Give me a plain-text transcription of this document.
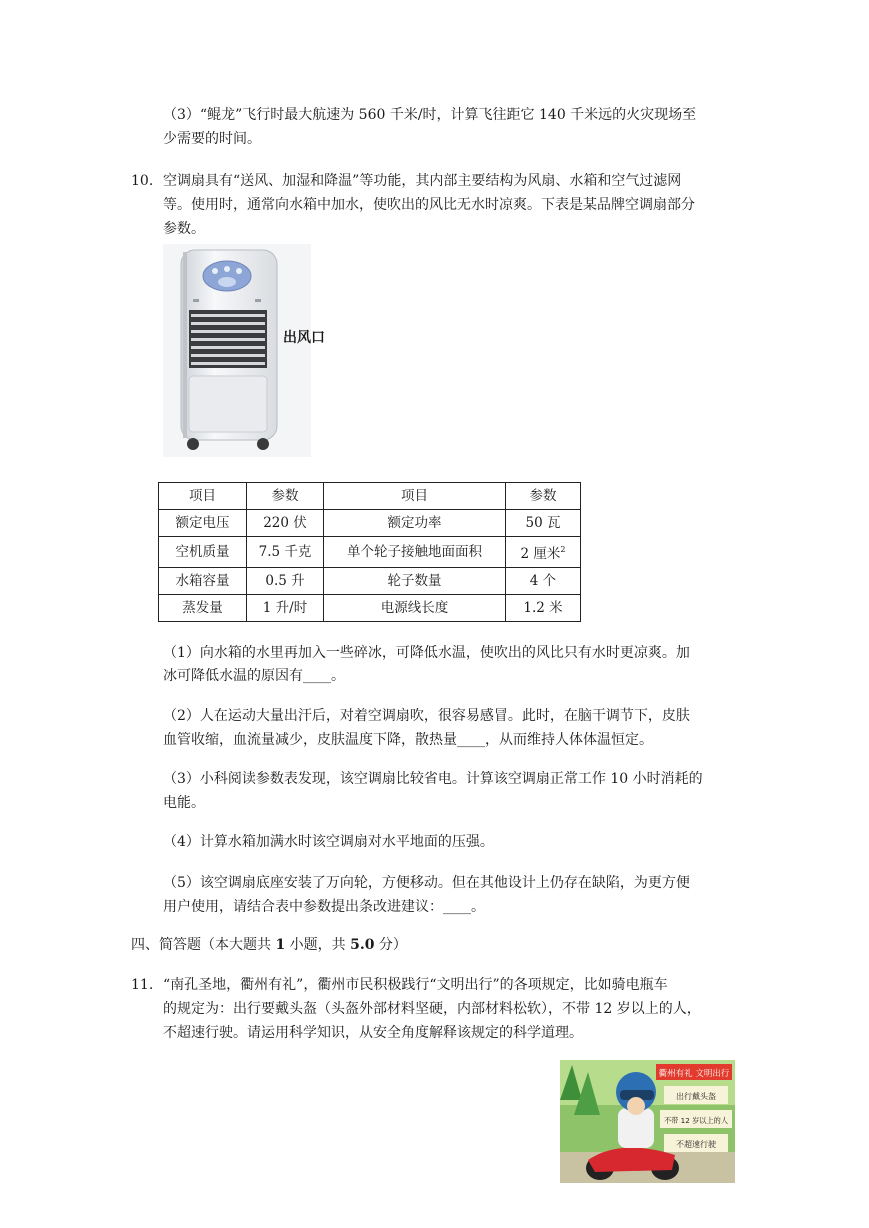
（3）“鲲龙”飞行时最大航速为 560 千米/时，计算飞往距它 140 千米远的火灾现场至
少需要的时间。
10. 空调扇具有“送风、加湿和降温”等功能，其内部主要结构为风扇、水箱和空气过滤网
等。使用时，通常向水箱中加水，使吹出的风比无水时凉爽。下表是某品牌空调扇部分
参数。
出风口
项目	参数	项目	参数
额定电压	220 伏	额定功率	50 瓦
空机质量	7.5 千克	单个轮子接触地面面积	2 厘米$^2$
水箱容量	0.5 升	轮子数量	4 个
蒸发量	1 升/时	电源线长度	1.2 米
（1）向水箱的水里再加入一些碎冰，可降低水温，使吹出的风比只有水时更凉爽。加
冰可降低水温的原因有____。
（2）人在运动大量出汗后，对着空调扇吹，很容易感冒。此时，在脑干调节下，皮肤
血管收缩，血流量减少，皮肤温度下降，散热量____，从而维持人体体温恒定。
（3）小科阅读参数表发现，该空调扇比较省电。计算该空调扇正常工作 10 小时消耗的
电能。
（4）计算水箱加满水时该空调扇对水平地面的压强。
（5）该空调扇底座安装了万向轮，方便移动。但在其他设计上仍存在缺陷，为更方便
用户使用，请结合表中参数提出条改进建议：____。
四、简答题（本大题共 1 小题，共 5.0 分）
11. “南孔圣地，衢州有礼”，衢州市民积极践行“文明出行”的各项规定，比如骑电瓶车
的规定为：出行要戴头盔（头盔外部材料坚硬，内部材料松软），不带 12 岁以上的人，
不超速行驶。请运用科学知识，从安全角度解释该规定的科学道理。
衢州有礼 文明出行
出行戴头盔
不带 12 岁以上的人
不超速行驶
